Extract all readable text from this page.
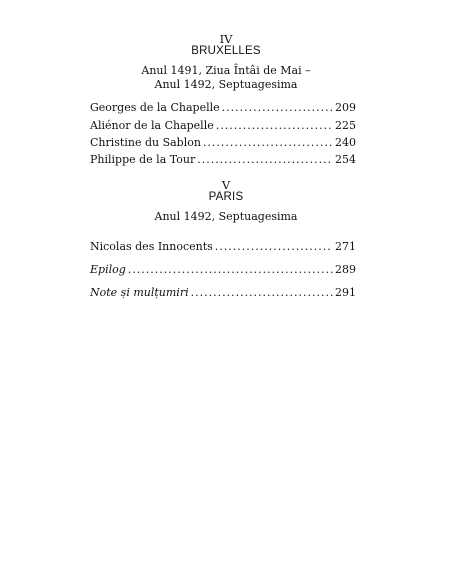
IV
BRUXELLES
Anul 1491, Ziua Întâi de Mai –
Anul 1492, Septuagesima
Georges de la Chapelle .....	209
Aliénor de la Chapelle .....	225
Christine du Sablon .....	240
Philippe de la Tour .....	254
V
PARIS
Anul 1492, Septuagesima
Nicolas des Innocents .....	271
Epilog .....	289
Note și mulțumiri .....	291
